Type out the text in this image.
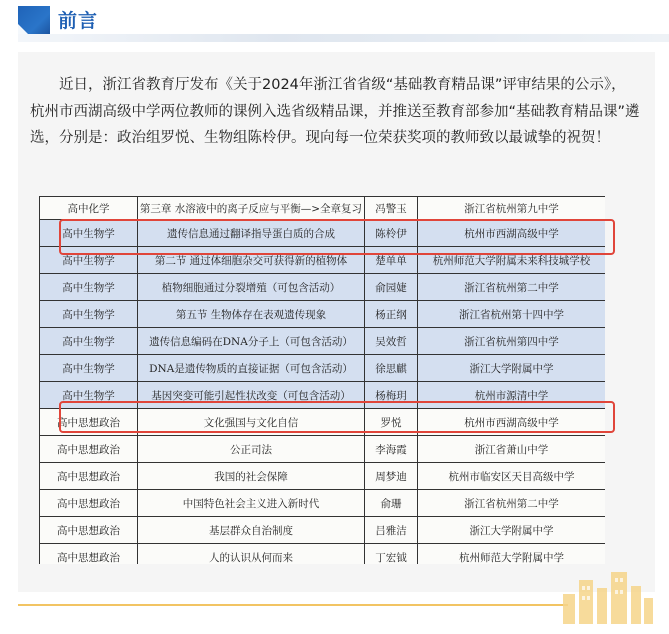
前言

近日，浙江省教育厅发布《关于2024年浙江省省级“基础教育精品课”评审结果的公示》，杭州市西湖高级中学两位教师的课例入选省级精品课，并推送至教育部参加“基础教育精品课”遴选，分别是：政治组罗悦、生物组陈柃伊。现向每一位荣获奖项的教师致以最诚挚的祝贺！

高中化学	第三章 水溶液中的离子反应与平衡—>全章复习	冯警玉	浙江省杭州第九中学
高中生物学	遗传信息通过翻译指导蛋白质的合成	陈柃伊	杭州市西湖高级中学
高中生物学	第二节 通过体细胞杂交可获得新的植物体	楚单单	杭州师范大学附属未来科技城学校
高中生物学	植物细胞通过分裂增殖（可包含活动）	俞园婕	浙江省杭州第二中学
高中生物学	第五节 生物体存在表观遗传现象	杨正纲	浙江省杭州第十四中学
高中生物学	遗传信息编码在DNA分子上（可包含活动）	吴效哲	浙江省杭州第四中学
高中生物学	DNA是遗传物质的直接证据（可包含活动）	徐思麒	浙江大学附属中学
高中生物学	基因突变可能引起性状改变（可包含活动）	杨梅玥	杭州市源清中学
高中思想政治	文化强国与文化自信	罗悦	杭州市西湖高级中学
高中思想政治	公正司法	李海霞	浙江省萧山中学
高中思想政治	我国的社会保障	周梦迪	杭州市临安区天目高级中学
高中思想政治	中国特色社会主义进入新时代	俞珊	浙江省杭州第二中学
高中思想政治	基层群众自治制度	吕雅洁	浙江大学附属中学
高中思想政治	人的认识从何而来	丁宏钺	杭州师范大学附属中学
